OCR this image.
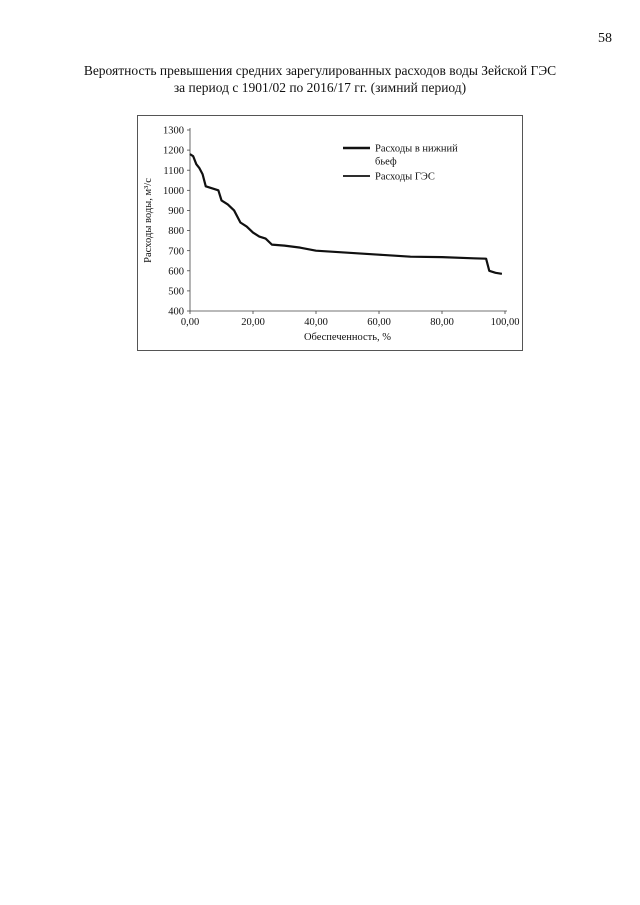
58
Вероятность превышения средних зарегулированных расходов воды Зейской ГЭС
за период с 1901/02 по 2016/17 гг. (зимний период)
400
500
600
700
800
900
1000
1100
1200
1300
0,00	20,00	40,00	60,00	80,00	100,00
Обеспеченность, %
Расходы воды, м³/с
Расходы в нижний
бьеф
Расходы ГЭС
